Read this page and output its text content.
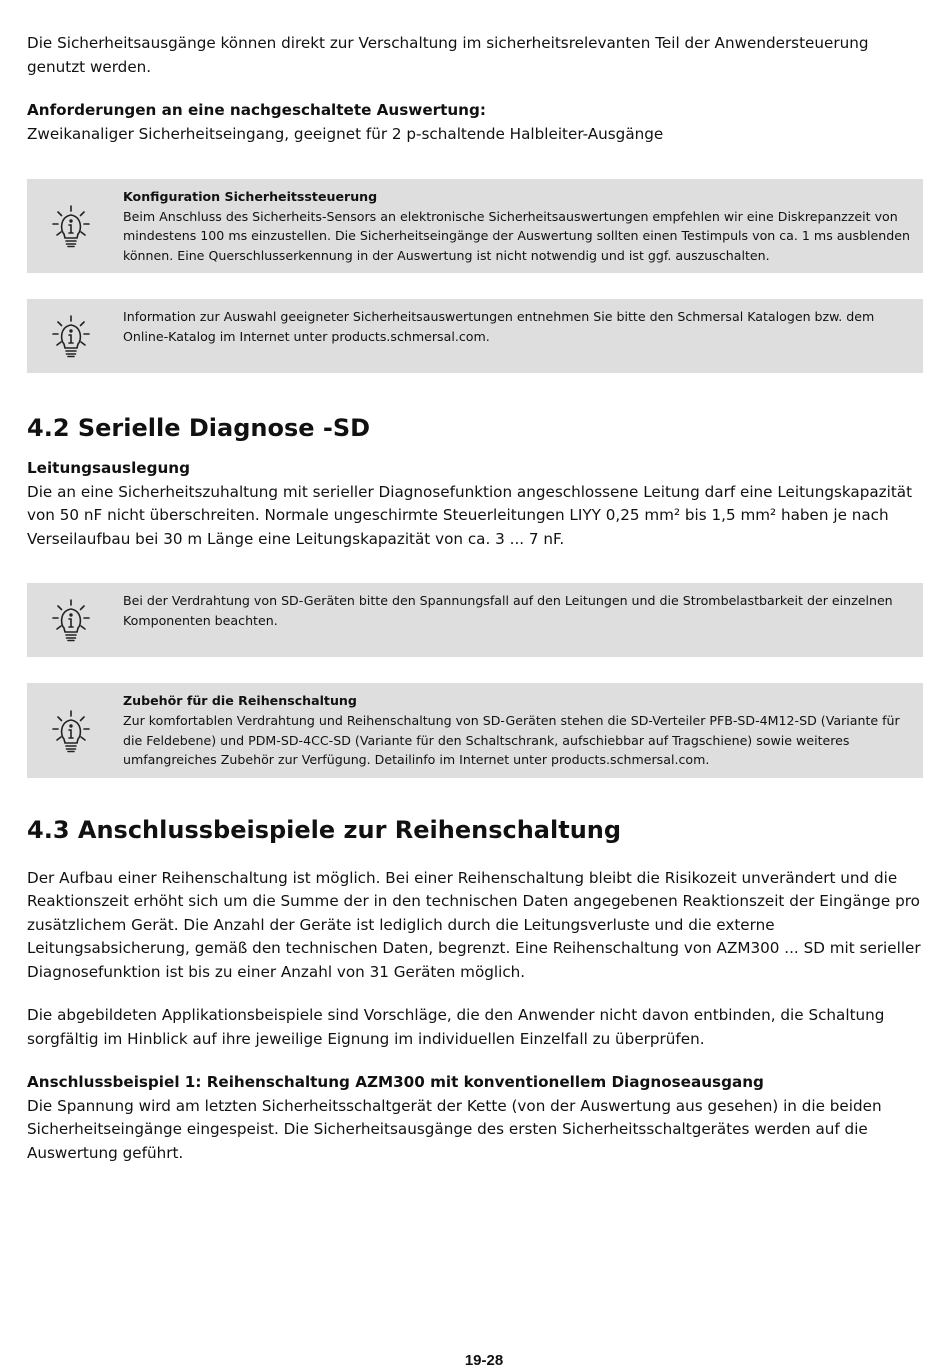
Die Sicherheitsausgänge können direkt zur Verschaltung im sicherheitsrelevanten Teil der Anwendersteuerung genutzt werden.

Anforderungen an eine nachgeschaltete Auswertung:

Zweikanaliger Sicherheitseingang, geeignet für 2 p-schaltende Halbleiter-Ausgänge

Konfiguration Sicherheitssteuerung
Beim Anschluss des Sicherheits-Sensors an elektronische Sicherheitsauswertungen empfehlen wir eine Diskrepanzzeit von mindestens 100 ms einzustellen. Die Sicherheitseingänge der Auswertung sollten einen Testimpuls von ca. 1 ms ausblenden können. Eine Querschlusserkennung in der Auswertung ist nicht notwendig und ist ggf. auszuschalten.
Information zur Auswahl geeigneter Sicherheitsauswertungen entnehmen Sie bitte den Schmersal Katalogen bzw. dem Online-Katalog im Internet unter products.schmersal.com.
4.2 Serielle Diagnose -SD

Leitungsauslegung

Die an eine Sicherheitszuhaltung mit serieller Diagnosefunktion angeschlossene Leitung darf eine Leitungskapazität von 50 nF nicht überschreiten. Normale ungeschirmte Steuerleitungen LIYY 0,25 mm² bis 1,5 mm² haben je nach Verseilaufbau bei 30 m Länge eine Leitungskapazität von ca. 3 ... 7 nF.

Bei der Verdrahtung von SD-Geräten bitte den Spannungsfall auf den Leitungen und die Strombelastbarkeit der einzelnen Komponenten beachten.
Zubehör für die Reihenschaltung
Zur komfortablen Verdrahtung und Reihenschaltung von SD-Geräten stehen die SD-Verteiler PFB-SD-4M12-SD (Variante für die Feldebene) und PDM-SD-4CC-SD (Variante für den Schaltschrank, aufschiebbar auf Tragschiene) sowie weiteres umfangreiches Zubehör zur Verfügung. Detailinfo im Internet unter products.schmersal.com.
4.3 Anschlussbeispiele zur Reihenschaltung

Der Aufbau einer Reihenschaltung ist möglich. Bei einer Reihenschaltung bleibt die Risikozeit unverändert und die Reaktionszeit erhöht sich um die Summe der in den technischen Daten angegebenen Reaktionszeit der Eingänge pro zusätzlichem Gerät. Die Anzahl der Geräte ist lediglich durch die Leitungsverluste und die externe Leitungsabsicherung, gemäß den technischen Daten, begrenzt. Eine Reihenschaltung von AZM300 ... SD mit serieller Diagnosefunktion ist bis zu einer Anzahl von 31 Geräten möglich.

Die abgebildeten Applikationsbeispiele sind Vorschläge, die den Anwender nicht davon entbinden, die Schaltung sorgfältig im Hinblick auf ihre jeweilige Eignung im individuellen Einzelfall zu überprüfen.

Anschlussbeispiel 1: Reihenschaltung AZM300 mit konventionellem Diagnoseausgang

Die Spannung wird am letzten Sicherheitsschaltgerät der Kette (von der Auswertung aus gesehen) in die beiden Sicherheitseingänge eingespeist. Die Sicherheitsausgänge des ersten Sicherheitsschaltgerätes werden auf die Auswertung geführt.

19-28
